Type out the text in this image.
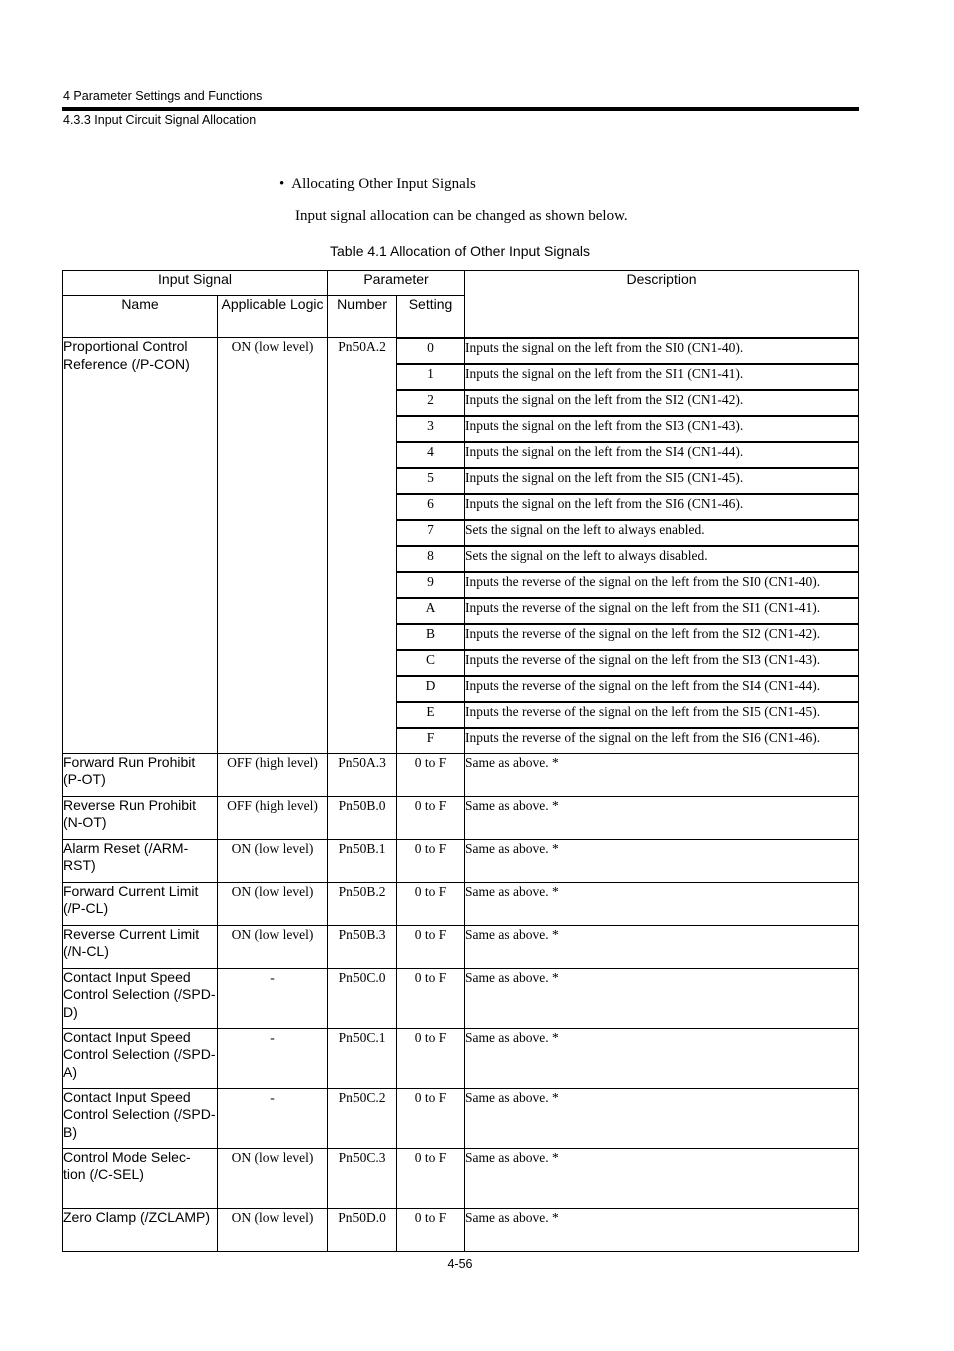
4 Parameter Settings and Functions
4.3.3 Input Circuit Signal Allocation
• Allocating Other Input Signals
Input signal allocation can be changed as shown below.
Table 4.1 Allocation of Other Input Signals
Input Signal		Parameter		Description
Name	Applicable Logic	Number	Setting	
Proportional Control Reference (/P-CON)	ON (low level)	Pn50A.2	0	Inputs the signal on the left from the SI0 (CN1-40).
			1	Inputs the signal on the left from the SI1 (CN1-41).
			2	Inputs the signal on the left from the SI2 (CN1-42).
			3	Inputs the signal on the left from the SI3 (CN1-43).
			4	Inputs the signal on the left from the SI4 (CN1-44).
			5	Inputs the signal on the left from the SI5 (CN1-45).
			6	Inputs the signal on the left from the SI6 (CN1-46).
			7	Sets the signal on the left to always enabled.
			8	Sets the signal on the left to always disabled.
			9	Inputs the reverse of the signal on the left from the SI0 (CN1-40).
			A	Inputs the reverse of the signal on the left from the SI1 (CN1-41).
			B	Inputs the reverse of the signal on the left from the SI2 (CN1-42).
			C	Inputs the reverse of the signal on the left from the SI3 (CN1-43).
			D	Inputs the reverse of the signal on the left from the SI4 (CN1-44).
			E	Inputs the reverse of the signal on the left from the SI5 (CN1-45).
			F	Inputs the reverse of the signal on the left from the SI6 (CN1-46).
Forward Run Prohibit (P-OT)	OFF (high level)	Pn50A.3	0 to F	Same as above. *
Reverse Run Prohibit (N-OT)	OFF (high level)	Pn50B.0	0 to F	Same as above. *
Alarm Reset (/ARM-RST)	ON (low level)	Pn50B.1	0 to F	Same as above. *
Forward Current Limit (/P-CL)	ON (low level)	Pn50B.2	0 to F	Same as above. *
Reverse Current Limit (/N-CL)	ON (low level)	Pn50B.3	0 to F	Same as above. *
Contact Input Speed Control Selection (/SPD-D)	-	Pn50C.0	0 to F	Same as above. *
Contact Input Speed Control Selection (/SPD-A)	-	Pn50C.1	0 to F	Same as above. *
Contact Input Speed Control Selection (/SPD-B)	-	Pn50C.2	0 to F	Same as above. *
Control Mode Selec- tion (/C-SEL)	ON (low level)	Pn50C.3	0 to F	Same as above. *
Zero Clamp (/ZCLAMP)	ON (low level)	Pn50D.0	0 to F	Same as above. *
4-56
